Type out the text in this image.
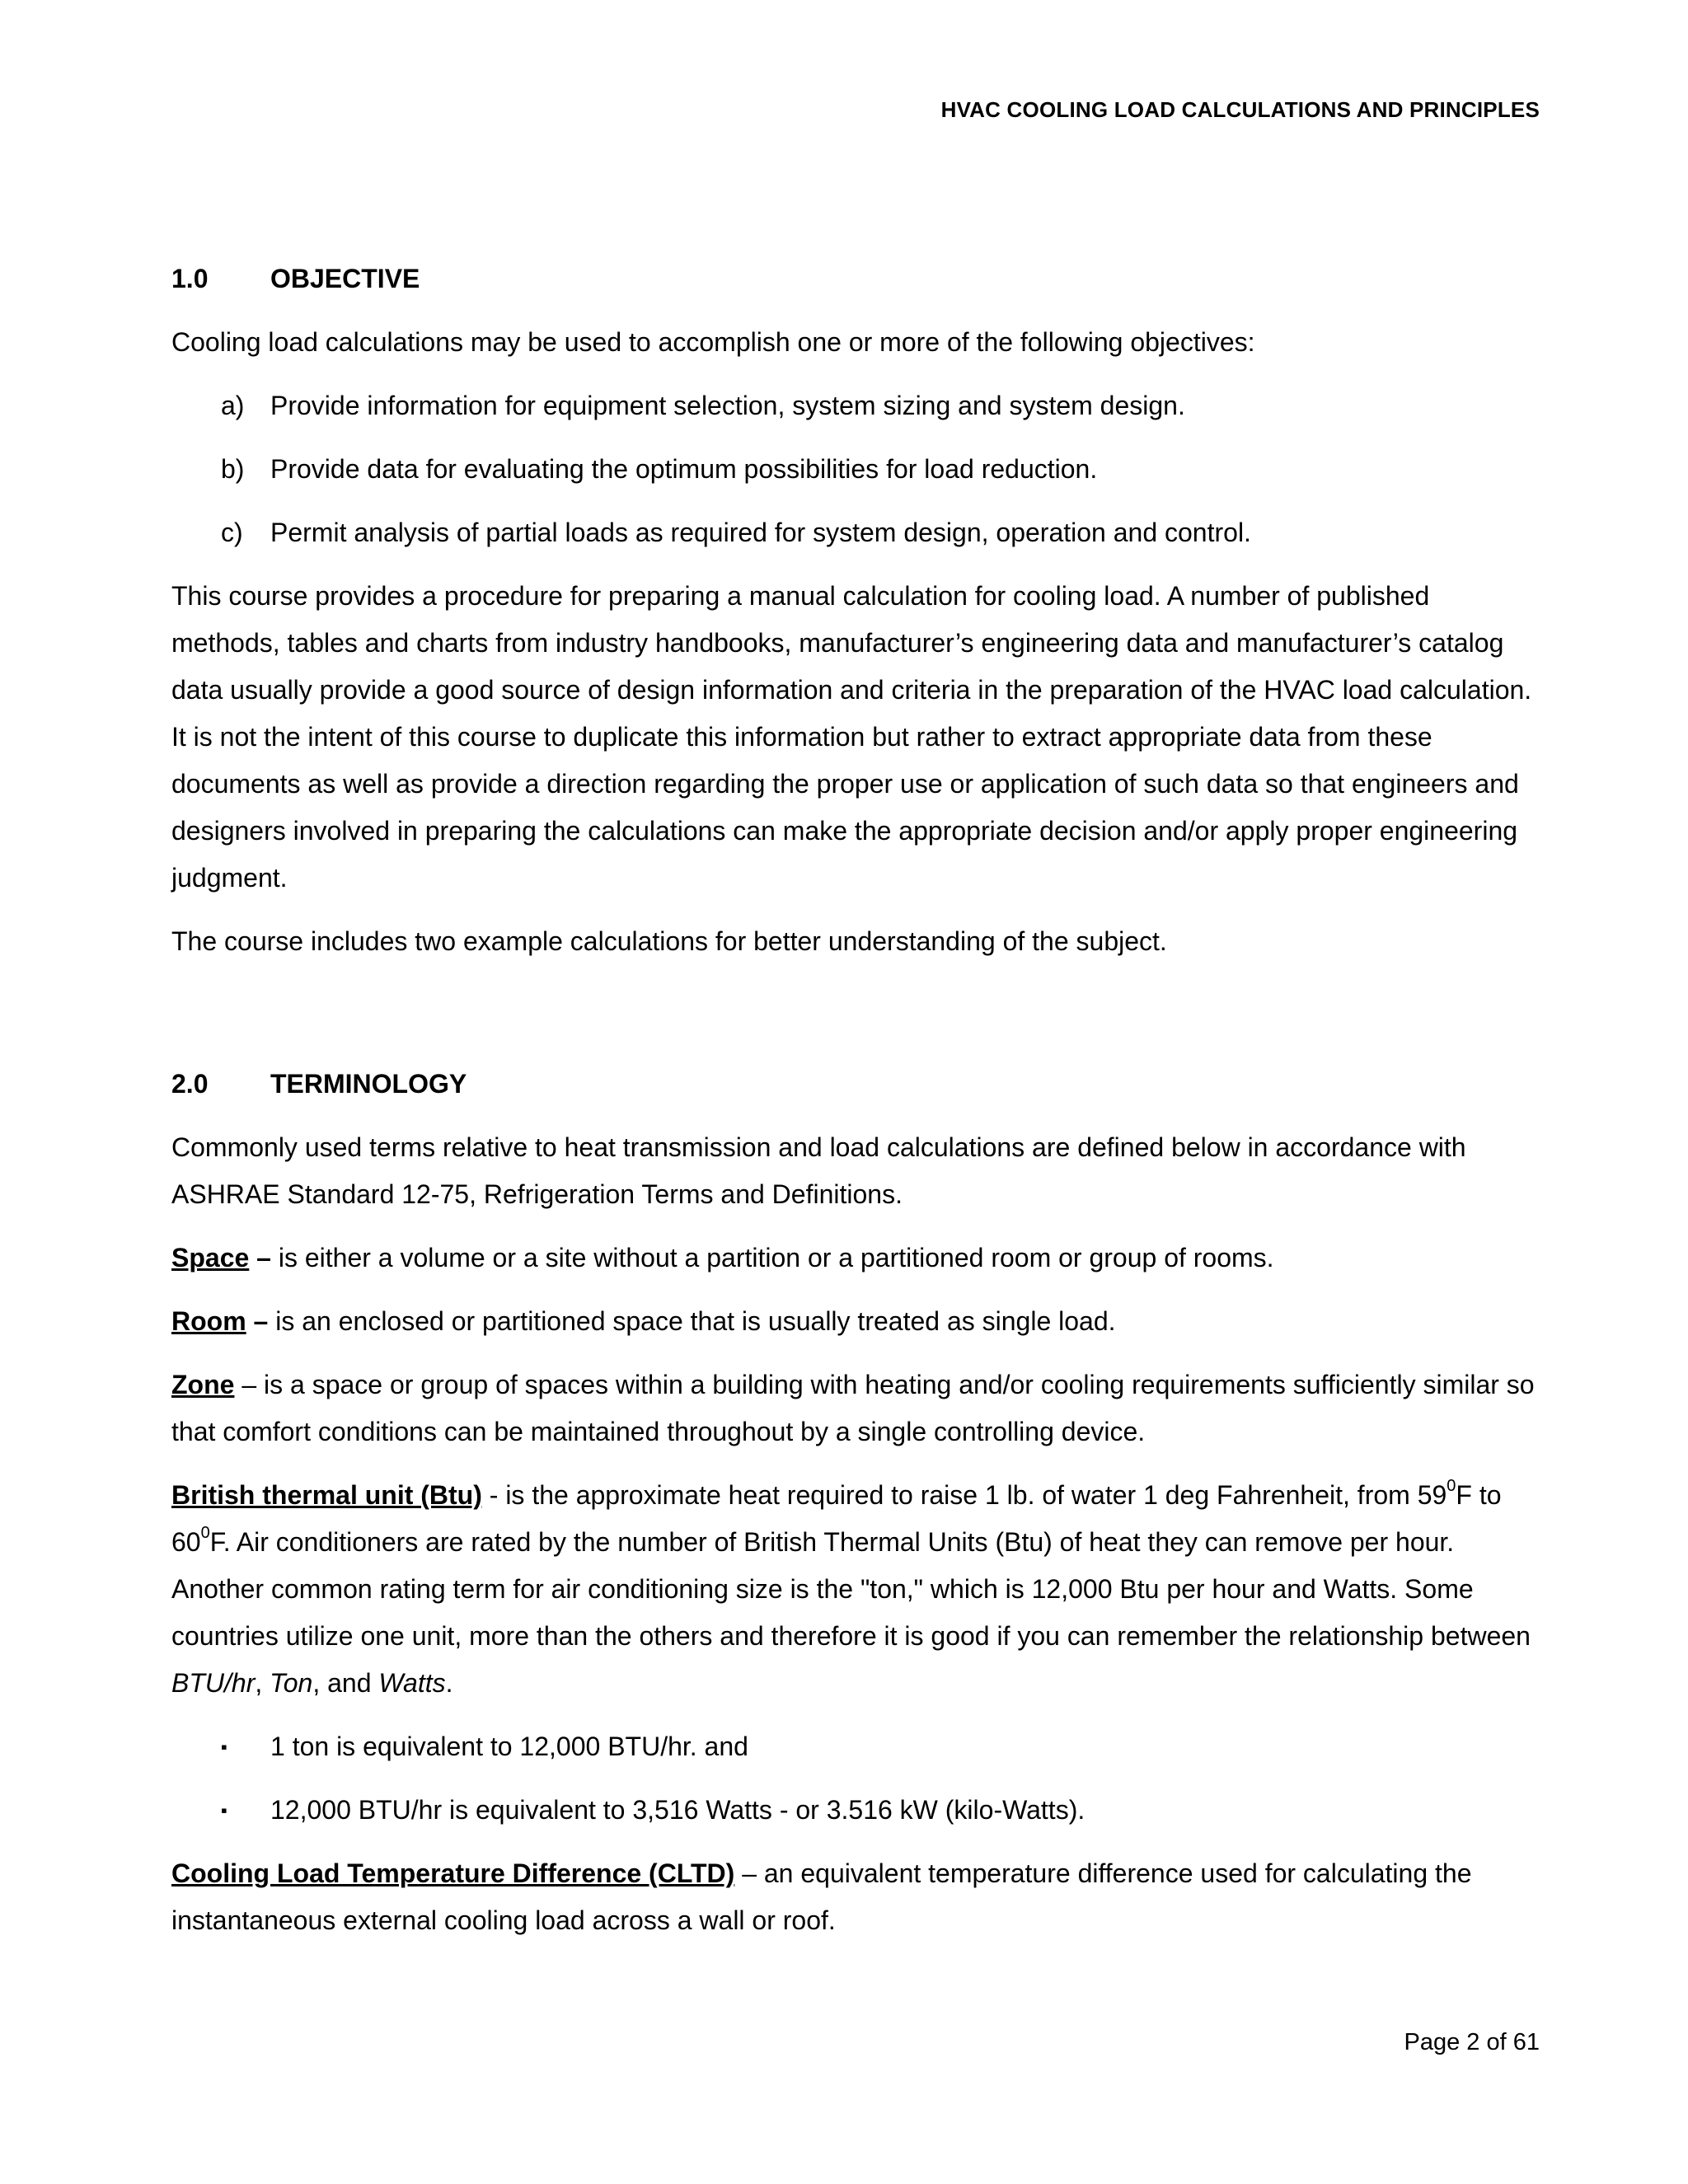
HVAC COOLING LOAD CALCULATIONS AND PRINCIPLES
1.0	OBJECTIVE

Cooling load calculations may be used to accomplish one or more of the following objectives:

a) Provide information for equipment selection, system sizing and system design.
b) Provide data for evaluating the optimum possibilities for load reduction.
c)	Permit analysis of partial loads as required for system design, operation and control.

This course provides a procedure for preparing a manual calculation for cooling load. A number of published methods, tables and charts from industry handbooks, manufacturer’s engineering data and manufacturer’s catalog data usually provide a good source of design information and criteria in the preparation of the HVAC load calculation. It is not the intent of this course to duplicate this information but rather to extract appropriate data from these documents as well as provide a direction regarding the proper use or application of such data so that engineers and designers involved in preparing the calculations can make the appropriate decision and/or apply proper engineering judgment.

The course includes two example calculations for better understanding of the subject.

2.0	TERMINOLOGY

Commonly used terms relative to heat transmission and load calculations are defined below in accordance with ASHRAE Standard 12-75, Refrigeration Terms and Definitions.

Space – is either a volume or a site without a partition or a partitioned room or group of rooms.

Room – is an enclosed or partitioned space that is usually treated as single load.

Zone – is a space or group of spaces within a building with heating and/or cooling requirements sufficiently similar so that comfort conditions can be maintained throughout by a single controlling device.

British thermal unit (Btu) - is the approximate heat required to raise 1 lb. of water 1 deg Fahrenheit, from $59^0F$ to $60^0F$. Air conditioners are rated by the number of British Thermal Units (Btu) of heat they can remove per hour. Another common rating term for air conditioning size is the "ton," which is 12,000 Btu per hour and Watts. Some countries utilize one unit, more than the others and therefore it is good if you can remember the relationship between BTU/hr, Ton, and Watts.

▪	1 ton is equivalent to 12,000 BTU/hr. and
▪	12,000 BTU/hr is equivalent to 3,516 Watts - or 3.516 kW (kilo-Watts).

Cooling Load Temperature Difference (CLTD) – an equivalent temperature difference used for calculating the instantaneous external cooling load across a wall or roof.

Page 2 of 61
